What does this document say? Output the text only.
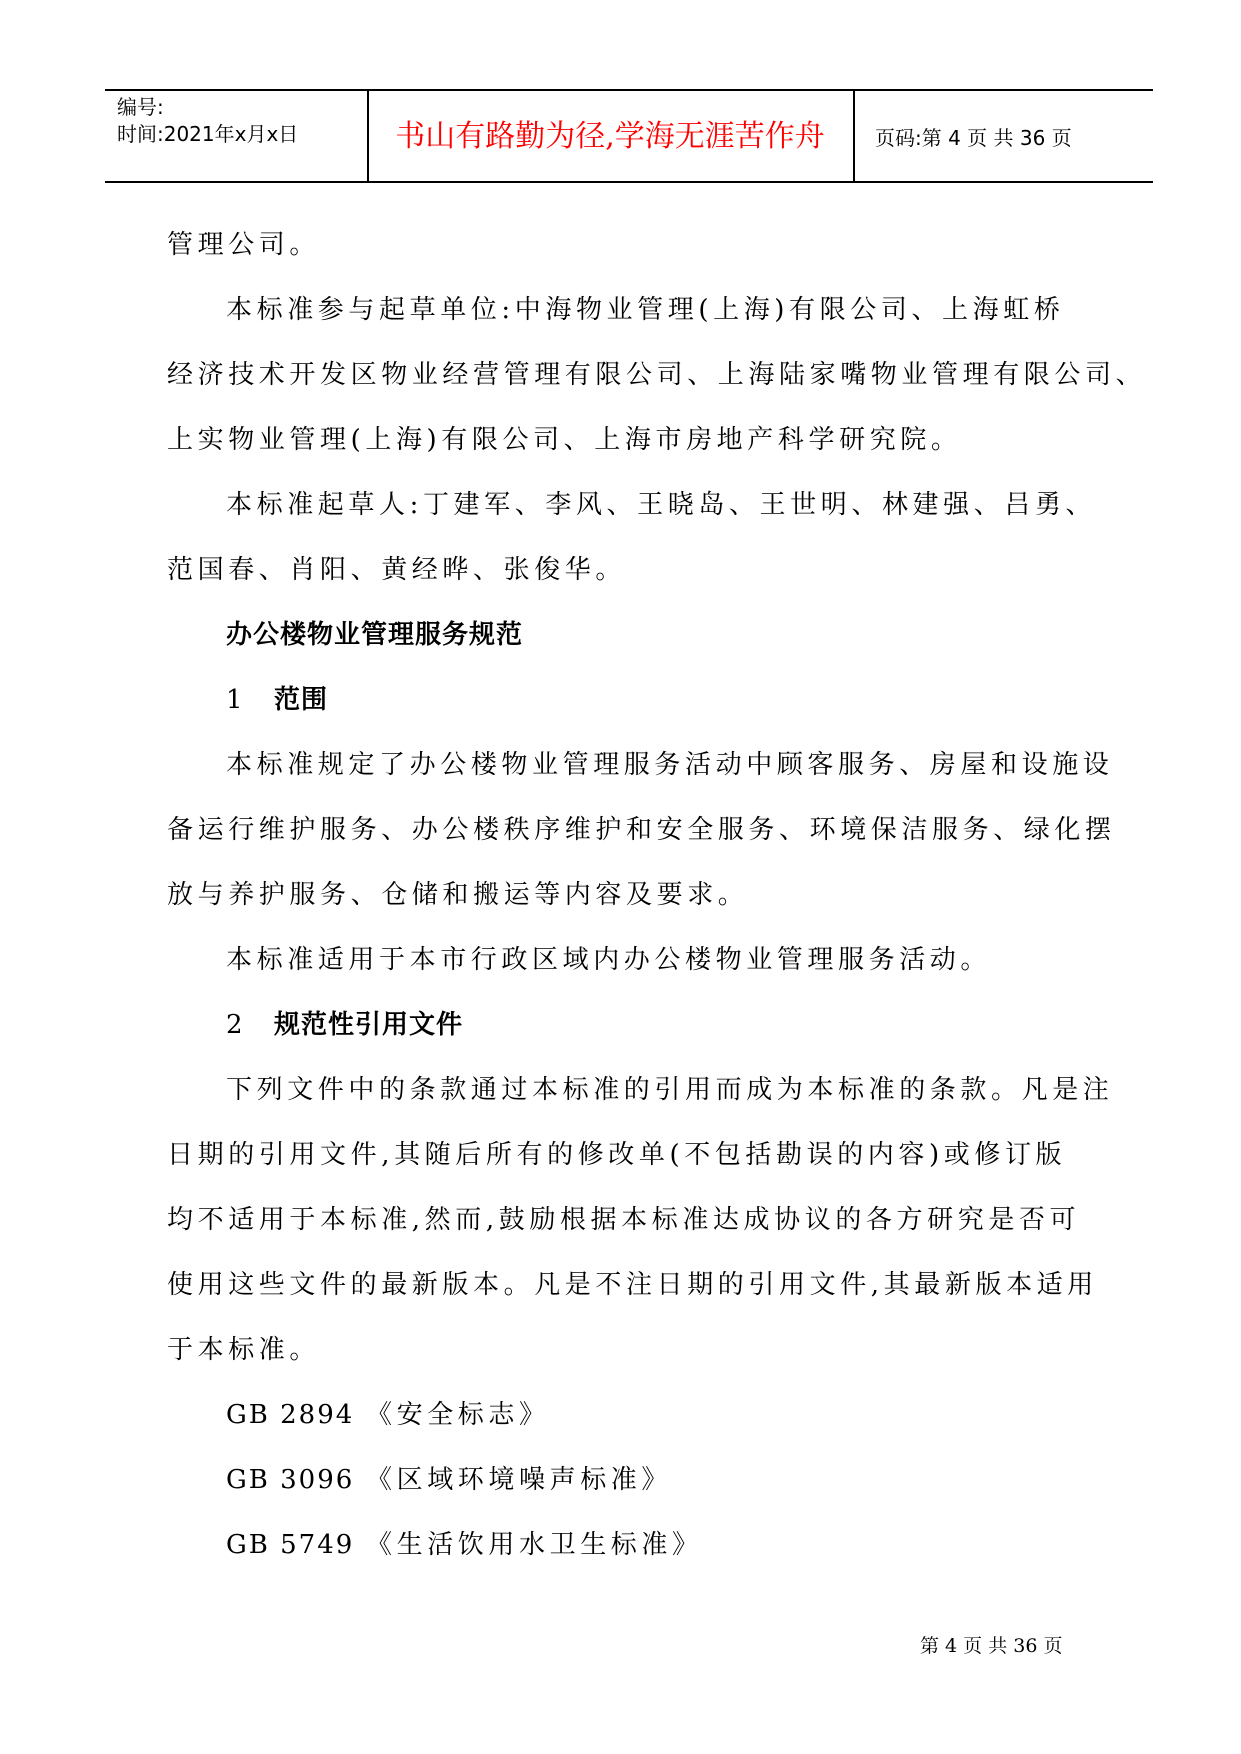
编号:
时间:2021年x月x日	书山有路勤为径,学海无涯苦作舟	页码:第 4 页 共 36 页
管理公司。
本标准参与起草单位:中海物业管理(上海)有限公司、上海虹桥
经济技术开发区物业经营管理有限公司、上海陆家嘴物业管理有限公司、
上实物业管理(上海)有限公司、上海市房地产科学研究院。
本标准起草人:丁建军、李风、王晓岛、王世明、林建强、吕勇、
范国春、肖阳、黄经晔、张俊华。
办公楼物业管理服务规范
1 范围
本标准规定了办公楼物业管理服务活动中顾客服务、房屋和设施设
备运行维护服务、办公楼秩序维护和安全服务、环境保洁服务、绿化摆
放与养护服务、仓储和搬运等内容及要求。
本标准适用于本市行政区域内办公楼物业管理服务活动。
2 规范性引用文件
下列文件中的条款通过本标准的引用而成为本标准的条款。凡是注
日期的引用文件,其随后所有的修改单(不包括勘误的内容)或修订版
均不适用于本标准,然而,鼓励根据本标准达成协议的各方研究是否可
使用这些文件的最新版本。凡是不注日期的引用文件,其最新版本适用
于本标准。
GB 2894 《安全标志》
GB 3096 《区域环境噪声标准》
GB 5749 《生活饮用水卫生标准》
第 4 页 共 36 页
